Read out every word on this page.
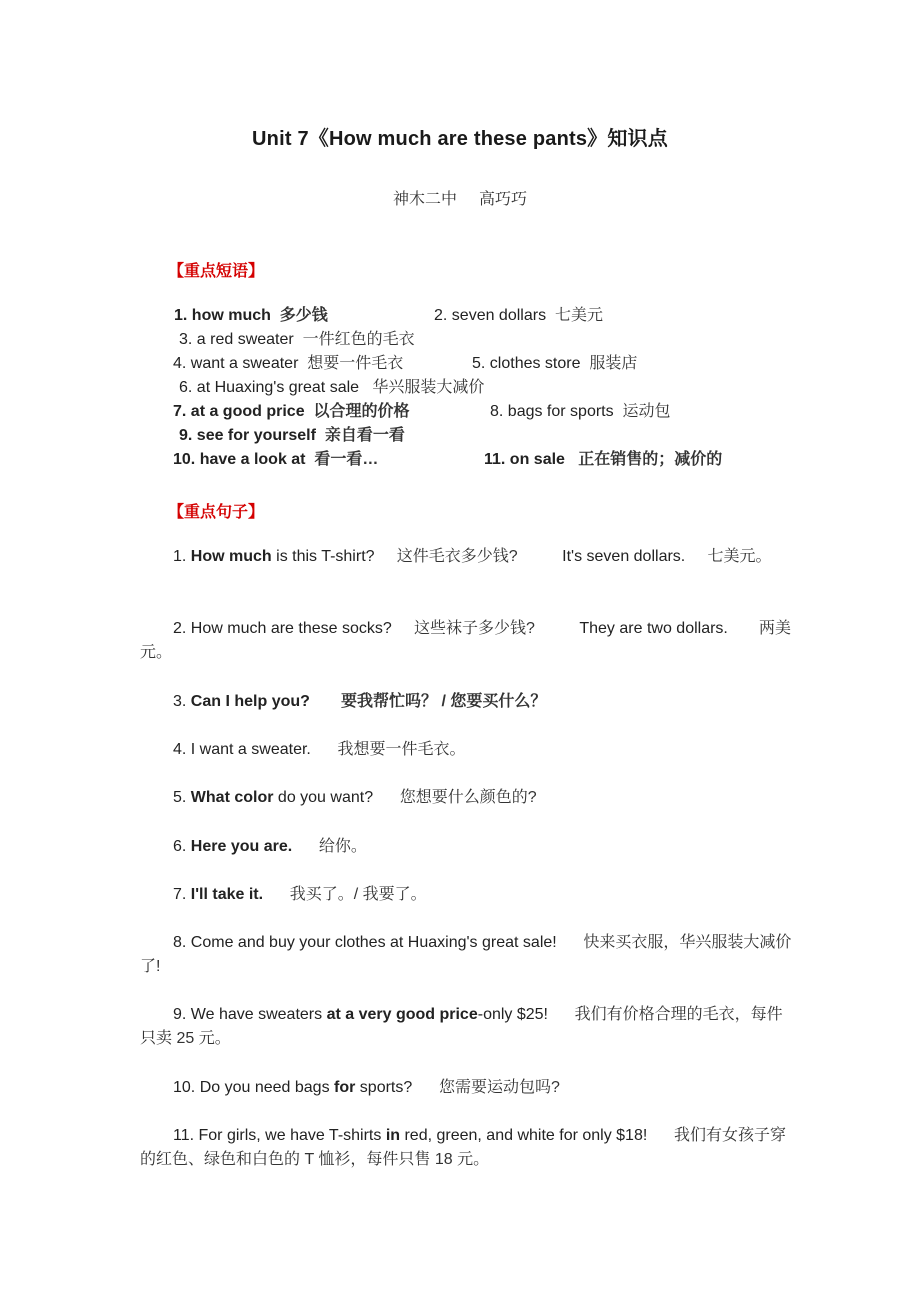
Unit 7《How much are these pants》知识点
神木二中 高巧巧
【重点短语】
1. how much 多少钱	2. seven dollars 七美元
3. a red sweater 一件红色的毛衣
4. want a sweater 想要一件毛衣	5. clothes store 服装店
6. at Huaxing's great sale 华兴服装大减价
7. at a good price 以合理的价格	8. bags for sports 运动包
9. see for yourself 亲自看一看
10. have a look at 看一看…	11. on sale 正在销售的；减价的
【重点句子】
1. How much is this T-shirt? 这件毛衣多少钱?	It's seven dollars. 七美元。
2. How much are these socks? 这些袜子多少钱?	They are two dollars. 两美元。
3. Can I help you? 要我帮忙吗？ / 您要买什么？
4. I want a sweater. 我想要一件毛衣。
5. What color do you want? 您想要什么颜色的?
6. Here you are. 给你。
7. I'll take it. 我买了。/ 我要了。
8. Come and buy your clothes at Huaxing's great sale! 快来买衣服，华兴服装大减价了!
9. We have sweaters at a very good price-only $25! 我们有价格合理的毛衣，每件只卖 25 元。
10. Do you need bags for sports? 您需要运动包吗?
11. For girls, we have T-shirts in red, green, and white for only $18! 我们有女孩子穿的红色、绿色和白色的 T 恤衫，每件只售 18 元。
